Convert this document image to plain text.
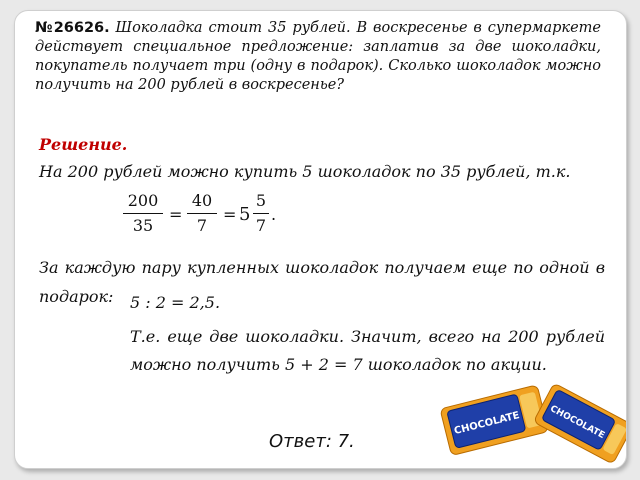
№26626. Шоколадка стоит 35 рублей. В воскресенье в супермаркете действует специальное предложение: заплатив за две шоколадки, покупатель получает три (одну в подарок). Сколько шоколадок можно получить на 200 рублей в воскресенье?
Решение.
На 200 рублей можно купить 5 шоколадок по 35 рублей, т.к.
200
35
=
40
7
= 5
5
7
.
За каждую пару купленных шоколадок получаем еще по одной в подарок:	5 : 2 = 2,5.
Т.е. еще две шоколадки. Значит, всего на 200 рублей можно получить 5 + 2 = 7 шоколадок по акции.
Ответ: 7.
CHOCOLATE	CHOCOLATE
